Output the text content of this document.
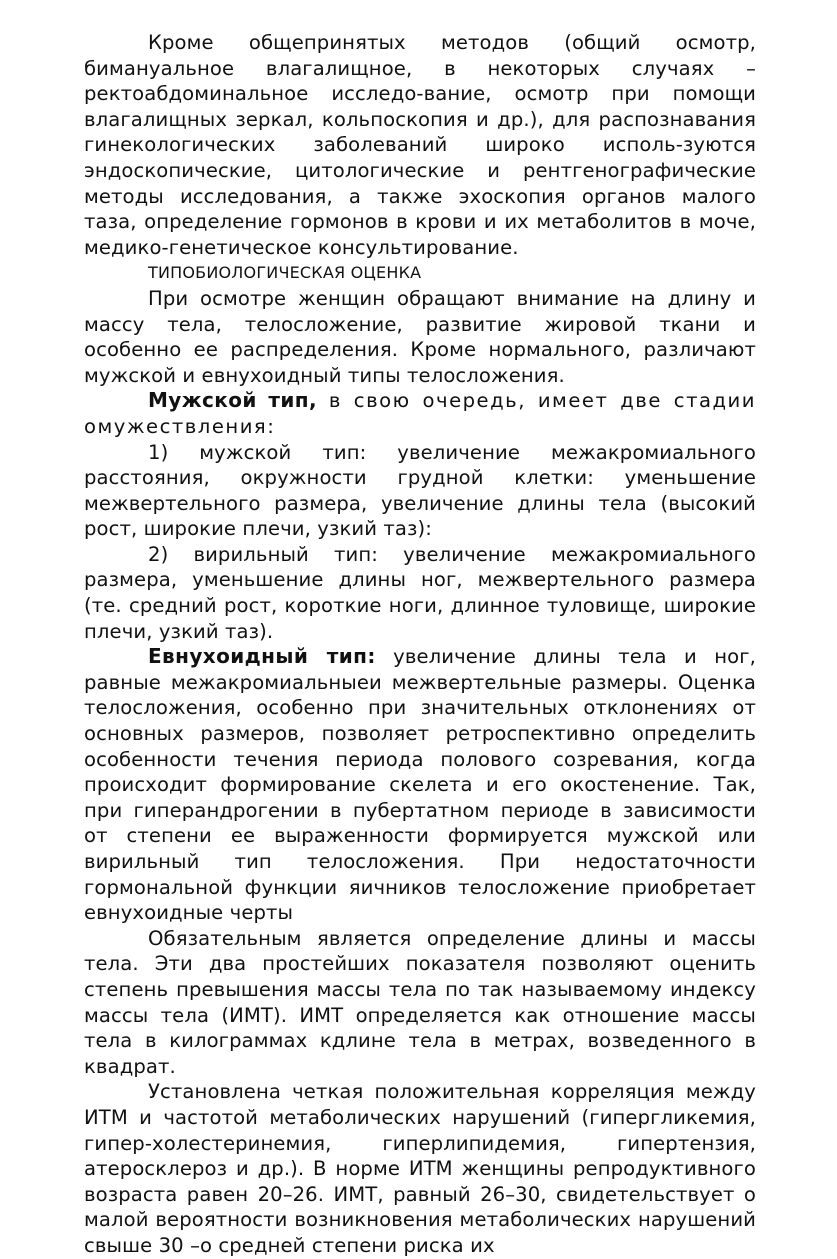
Кроме общепринятых методов (общий осмотр, бимануальное влагалищное, в некоторых случаях –ректоабдоминальное исследо-вание, осмотр при помощи влагалищных зеркал, кольпоскопия и др.), для распознавания гинекологических заболеваний широко исполь-зуются эндоскопические, цитологические и рентгенографические методы исследования, а также эхоскопия органов малого таза, определение гормонов в крови и их метаболитов в моче, медико-генетическое консультирование.

ТИПОБИОЛОГИЧЕСКАЯ ОЦЕНКА

При осмотре женщин обращают внимание на длину и массу тела, телосложение, развитие жировой ткани и особенно ее распределения. Кроме нормального, различают мужской и евнухоидный типы телосложения.

Мужской тип, в свою очередь, имеет две стадии омужествления:

1) мужской тип: увеличение межакромиального расстояния, окружности грудной клетки: уменьшение межвертельного размера, увеличение длины тела (высокий рост, широкие плечи, узкий таз):

2) вирильный тип: увеличение межакромиального размера, уменьшение длины ног, межвертельного размера (те. средний рост, короткие ноги, длинное туловище, широкие плечи, узкий таз).

Евнухоидный тип: увеличение длины тела и ног, равные межакромиальныеи межвертельные размеры. Оценка телосложения, особенно при значительных отклонениях от основных размеров, позволяет ретроспективно определить особенности течения периода полового созревания, когда происходит формирование скелета и его окостенение. Так, при гиперандрогении в пубертатном периоде в зависимости от степени ее выраженности формируется мужской или вирильный тип телосложения. При недостаточности гормональной функции яичников телосложение приобретает евнухоидные черты

Обязательным является определение длины и массы тела. Эти два простейших показателя позволяют оценить степень превышения массы тела по так называемому индексу массы тела (ИМТ). ИМТ определяется как отношение массы тела в килограммах кдлине тела в метрах, возведенного в квадрат.

Установлена четкая положительная корреляция между ИТМ и частотой метаболических нарушений (гипергликемия, гипер-холестеринемия, гиперлипидемия, гипертензия, атеросклероз и др.). В норме ИТМ женщины репродуктивного возраста равен 20–26. ИМТ, равный 26–30, свидетельствует о малой вероятности возникновения метаболических нарушений свыше 30 –о средней степени риска их
